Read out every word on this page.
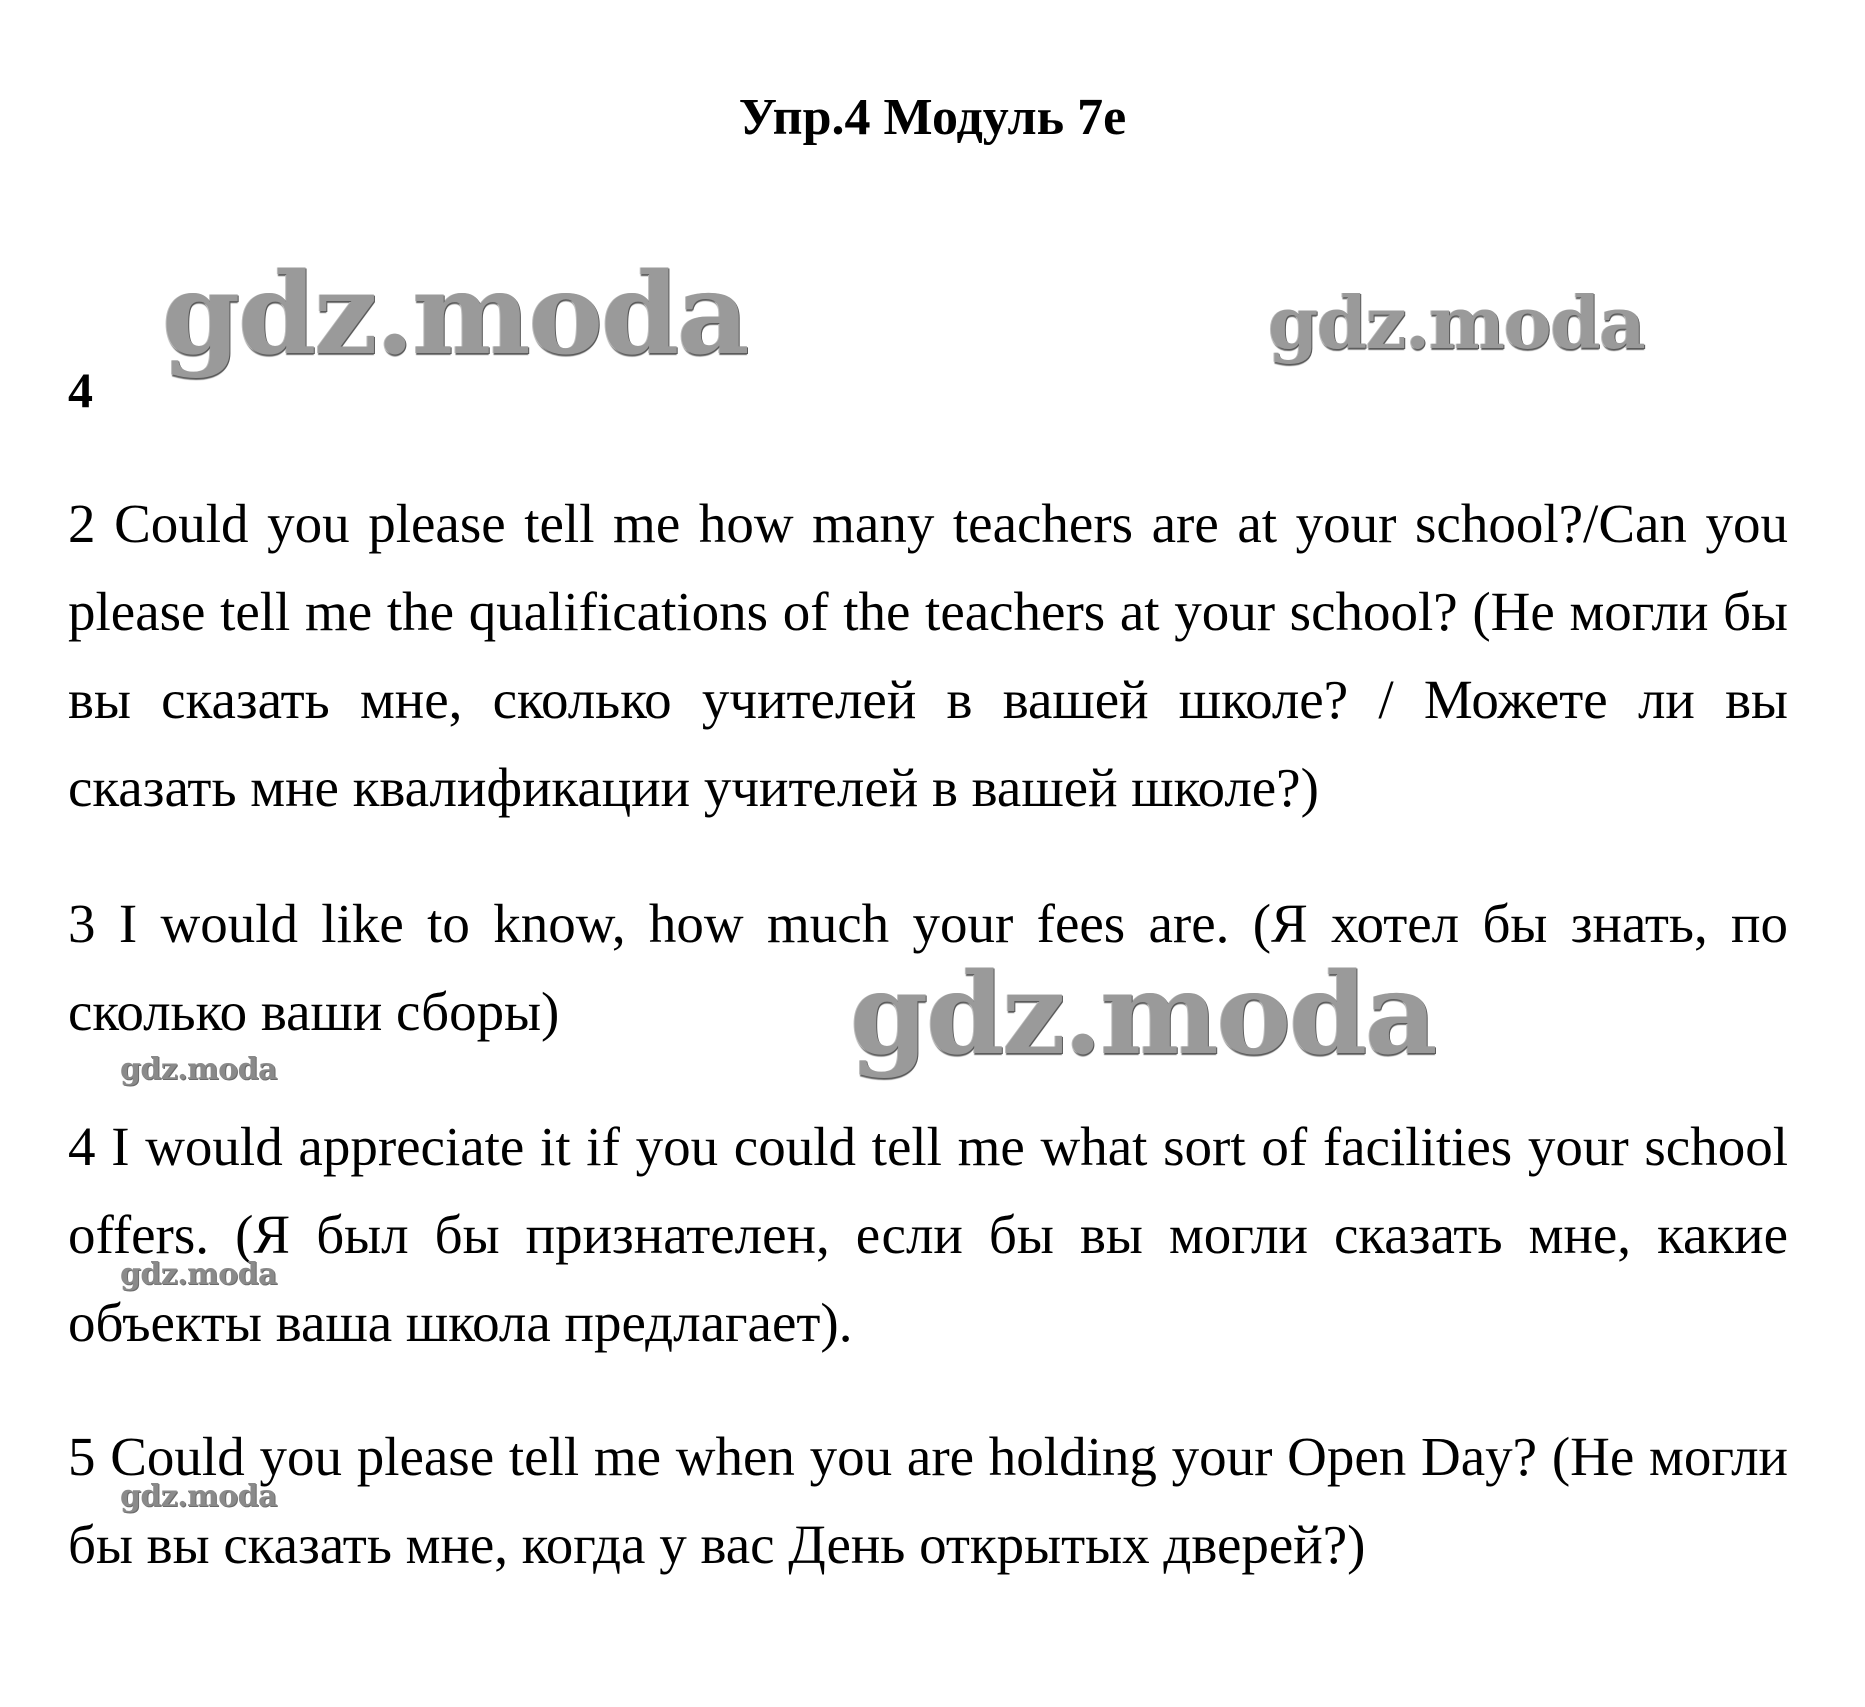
Упр.4 Модуль 7e
gdz.moda	gdz.moda
4

2 Could you please tell me how many teachers are at your school?/Can you please tell me the qualifications of the teachers at your school? (Не могли бы вы сказать мне, сколько учителей в вашей школе? / Можете ли вы сказать мне квалификации учителей в вашей школе?)

3 I would like to know, how much your fees are. (Я хотел бы знать, по сколько ваши сборы)	gdz.moda
gdz.moda

4 I would appreciate it if you could tell me what sort of facilities your school offers. (Я был бы признателен, если бы вы могли сказать мне, какие объекты ваша школа предлагает).

gdz.moda

5 Could you please tell me when you are holding your Open Day? (Не могли бы вы сказать мне, когда у вас День открытых дверей?)

gdz.moda
